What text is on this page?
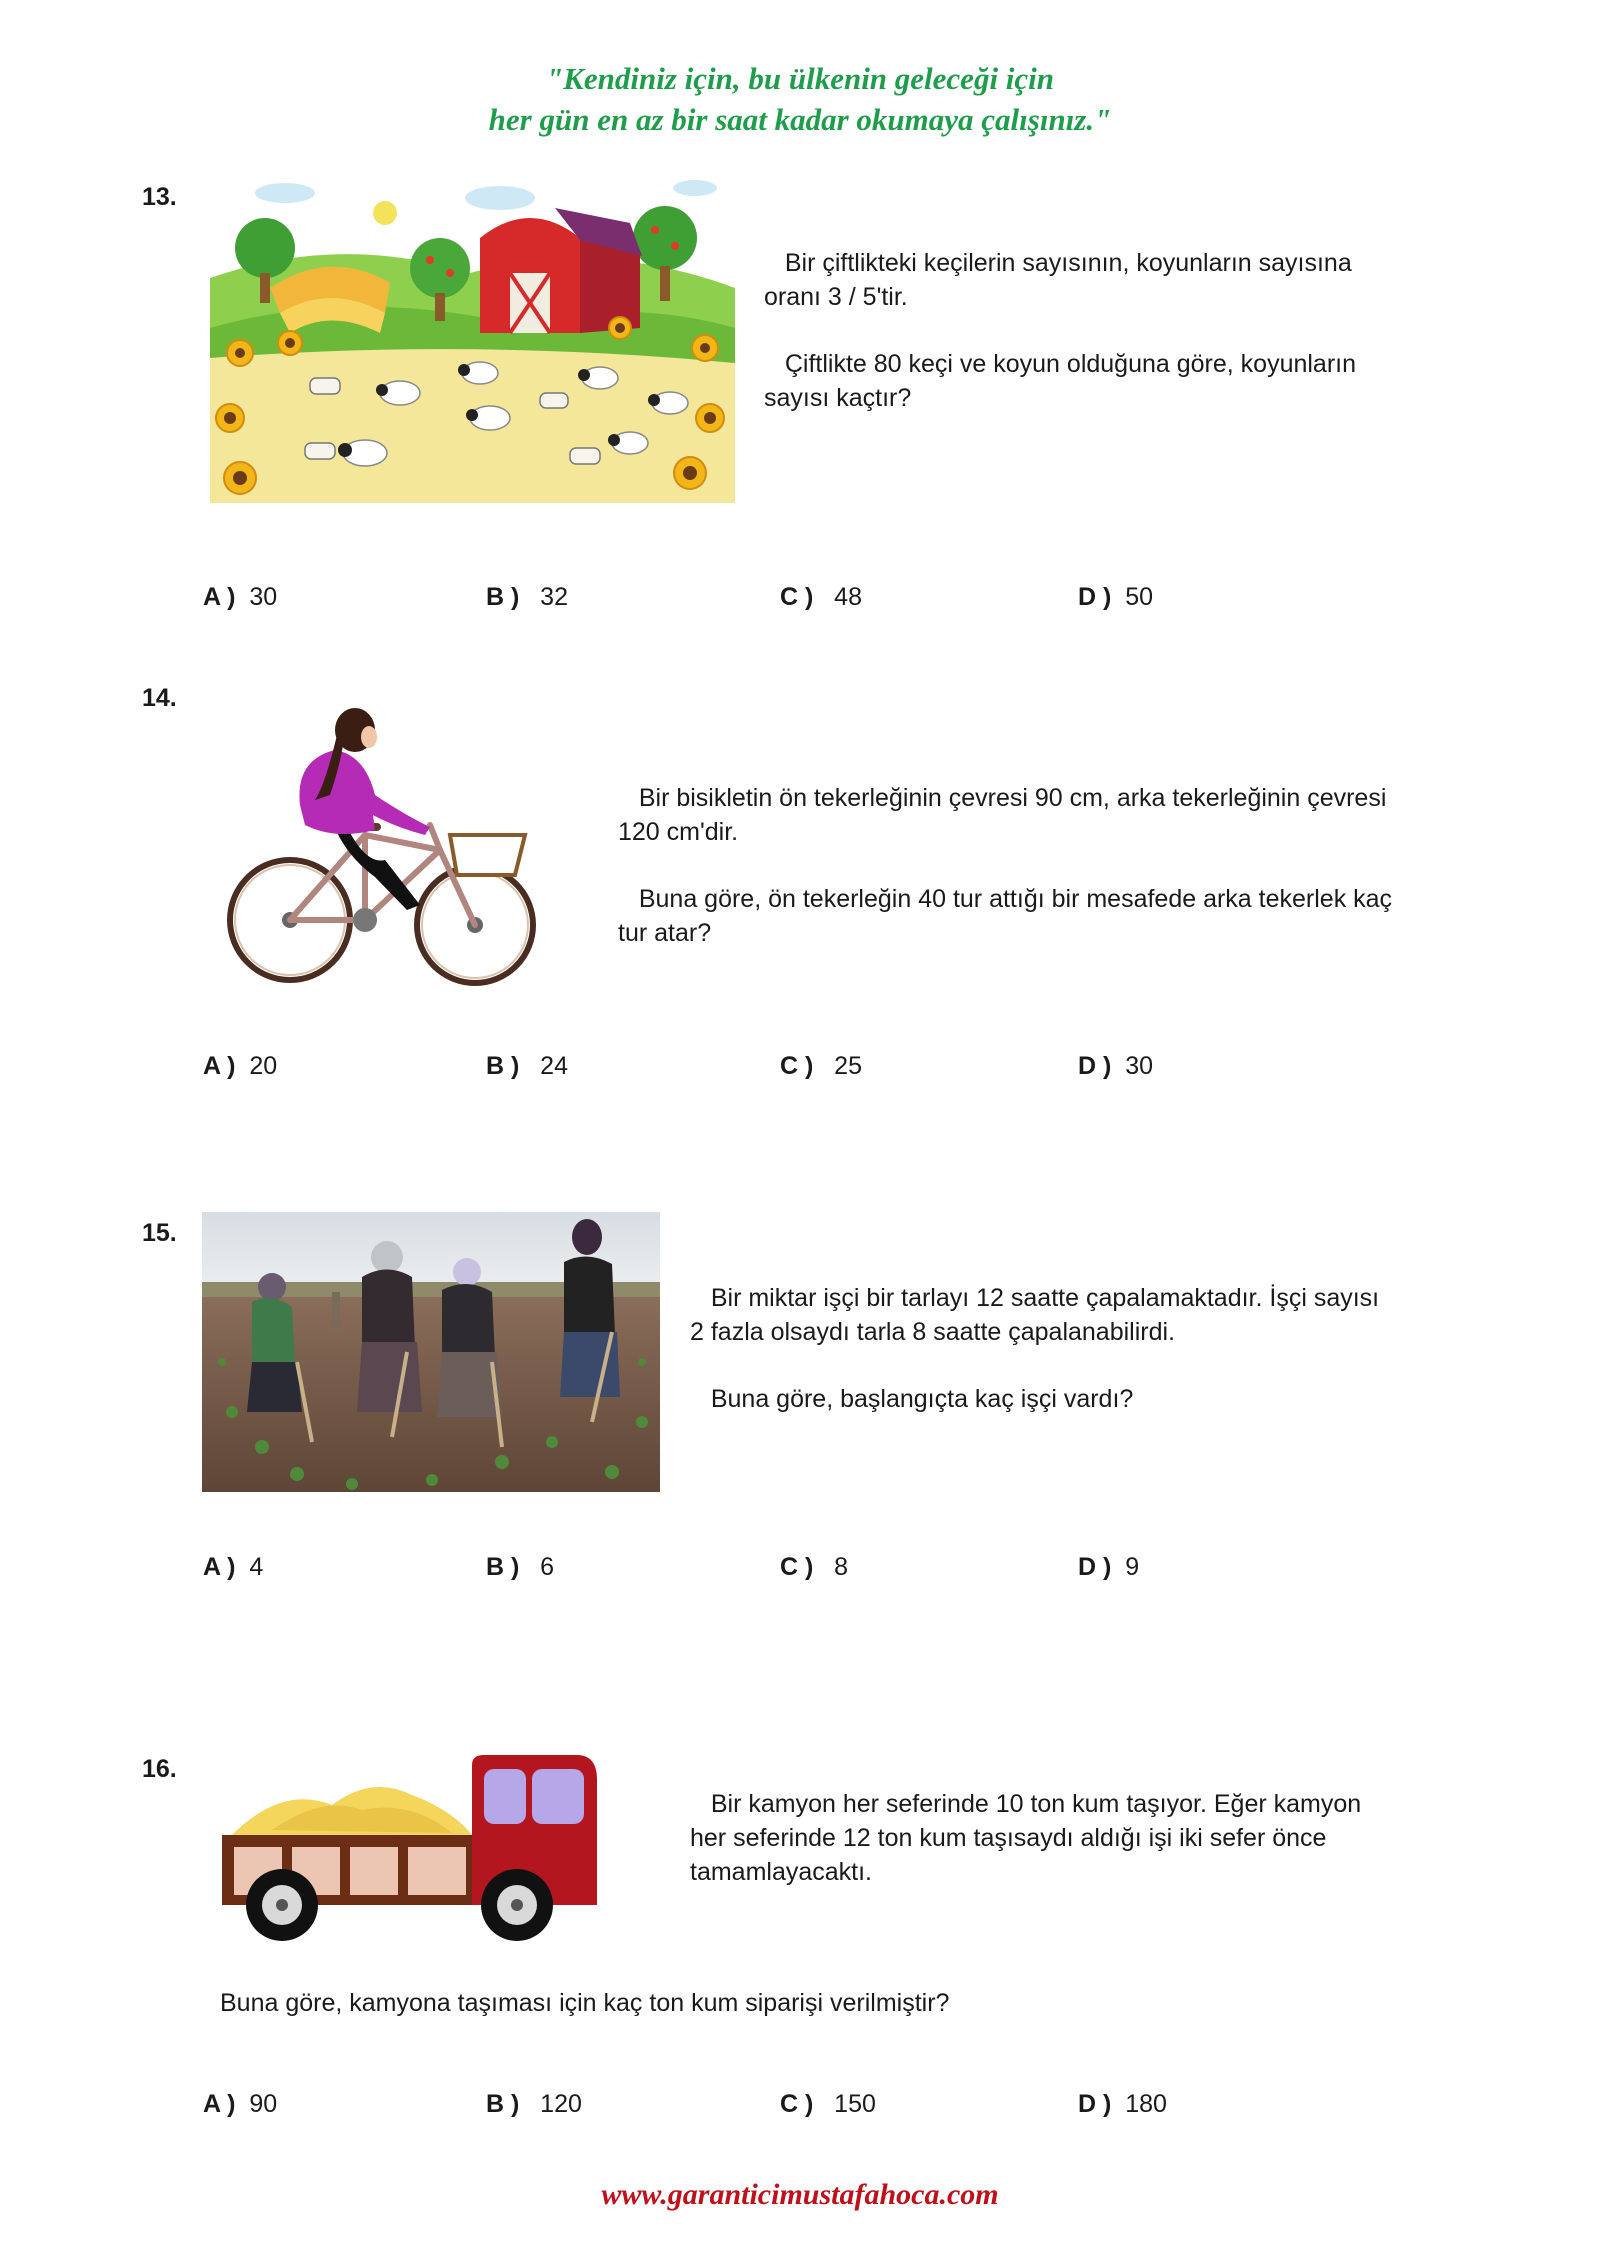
"Kendiniz için, bu ülkenin geleceği için
her gün en az bir saat kadar okumaya çalışınız."
13.

Bir çiftlikteki keçilerin sayısının, koyunların sayısına oranı 3 / 5'tir.

Çiftlikte 80 keçi ve koyun olduğuna göre, koyunların sayısı kaçtır?

A ) 30	B ) 32	C ) 48	D ) 50
14.

Bir bisikletin ön tekerleğinin çevresi 90 cm, arka tekerleğinin çevresi 120 cm'dir.

Buna göre, ön tekerleğin 40 tur attığı bir mesafede arka tekerlek kaç tur atar?

A ) 20	B ) 24	C ) 25	D ) 30
15.

Bir miktar işçi bir tarlayı 12 saatte çapalamaktadır. İşçi sayısı 2 fazla olsaydı tarla 8 saatte çapalanabilirdi.

Buna göre, başlangıçta kaç işçi vardı?

A ) 4	B ) 6	C ) 8	D ) 9
16.

Bir kamyon her seferinde 10 ton kum taşıyor. Eğer kamyon her seferinde 12 ton kum taşısaydı aldığı işi iki sefer önce tamamlayacaktı.

Buna göre, kamyona taşıması için kaç ton kum siparişi verilmiştir?
A ) 90	B ) 120	C ) 150	D ) 180
www.garanticimustafahoca.com
